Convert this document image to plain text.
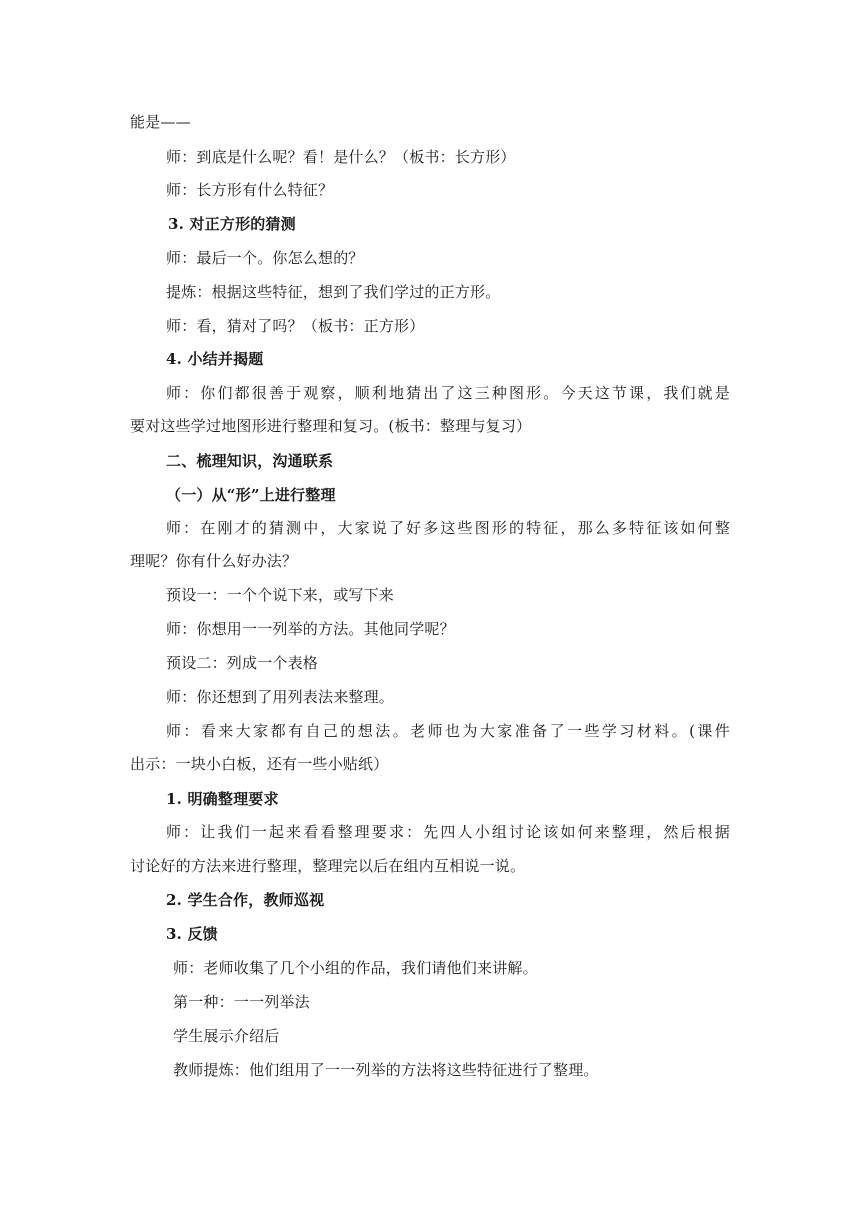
能是——
师：到底是什么呢？看！是什么？（板书：长方形）
师：长方形有什么特征？
3. 对正方形的猜测
师：最后一个。你怎么想的？
提炼：根据这些特征，想到了我们学过的正方形。
师：看，猜对了吗？（板书：正方形）
4. 小结并揭题
师：你们都很善于观察，顺利地猜出了这三种图形。今天这节课，我们就是
要对这些学过地图形进行整理和复习。(板书：整理与复习）
二、梳理知识，沟通联系
（一）从“形”上进行整理
师：在刚才的猜测中，大家说了好多这些图形的特征，那么多特征该如何整
理呢？你有什么好办法？
预设一：一个个说下来，或写下来
师：你想用一一列举的方法。其他同学呢？
预设二：列成一个表格
师：你还想到了用列表法来整理。
师：看来大家都有自己的想法。老师也为大家准备了一些学习材料。(课件
出示：一块小白板，还有一些小贴纸）
1. 明确整理要求
师：让我们一起来看看整理要求：先四人小组讨论该如何来整理，然后根据
讨论好的方法来进行整理，整理完以后在组内互相说一说。
2. 学生合作，教师巡视
3. 反馈
师：老师收集了几个小组的作品，我们请他们来讲解。
第一种：一一列举法
学生展示介绍后
教师提炼：他们组用了一一列举的方法将这些特征进行了整理。
